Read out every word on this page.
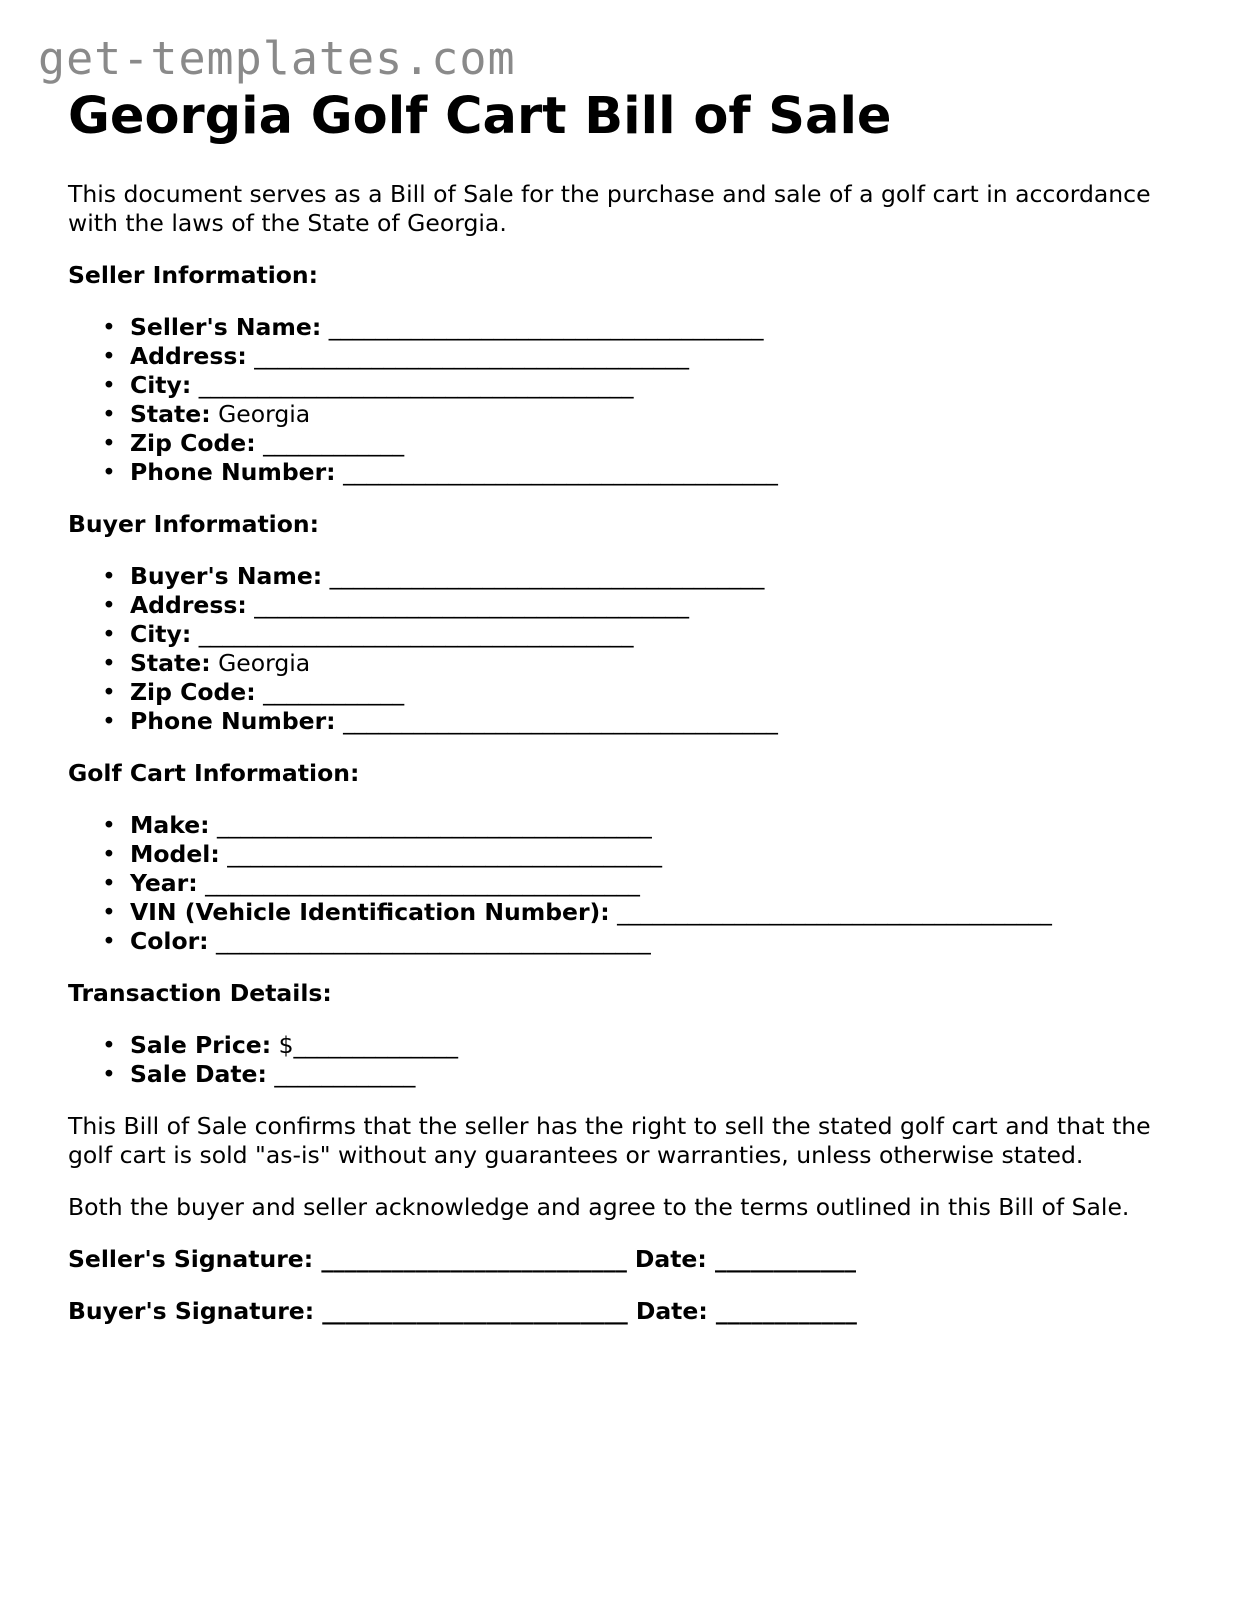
get-templates.com
Georgia Golf Cart Bill of Sale

This document serves as a Bill of Sale for the purchase and sale of a golf cart in accordance with the laws of the State of Georgia.

Seller Information:

• Seller's Name: _____________________________________
• Address: _____________________________________
• City: _____________________________________
• State: Georgia
• Zip Code: ____________
• Phone Number: _____________________________________

Buyer Information:

• Buyer's Name: _____________________________________
• Address: _____________________________________
• City: _____________________________________
• State: Georgia
• Zip Code: ____________
• Phone Number: _____________________________________

Golf Cart Information:

• Make: _____________________________________
• Model: _____________________________________
• Year: _____________________________________
• VIN (Vehicle Identification Number): _____________________________________
• Color: _____________________________________

Transaction Details:

• Sale Price: $______________
• Sale Date: ____________

This Bill of Sale confirms that the seller has the right to sell the stated golf cart and that the golf cart is sold "as-is" without any guarantees or warranties, unless otherwise stated.

Both the buyer and seller acknowledge and agree to the terms outlined in this Bill of Sale.

Seller's Signature: __________________________ Date: ____________

Buyer's Signature: __________________________ Date: ____________
